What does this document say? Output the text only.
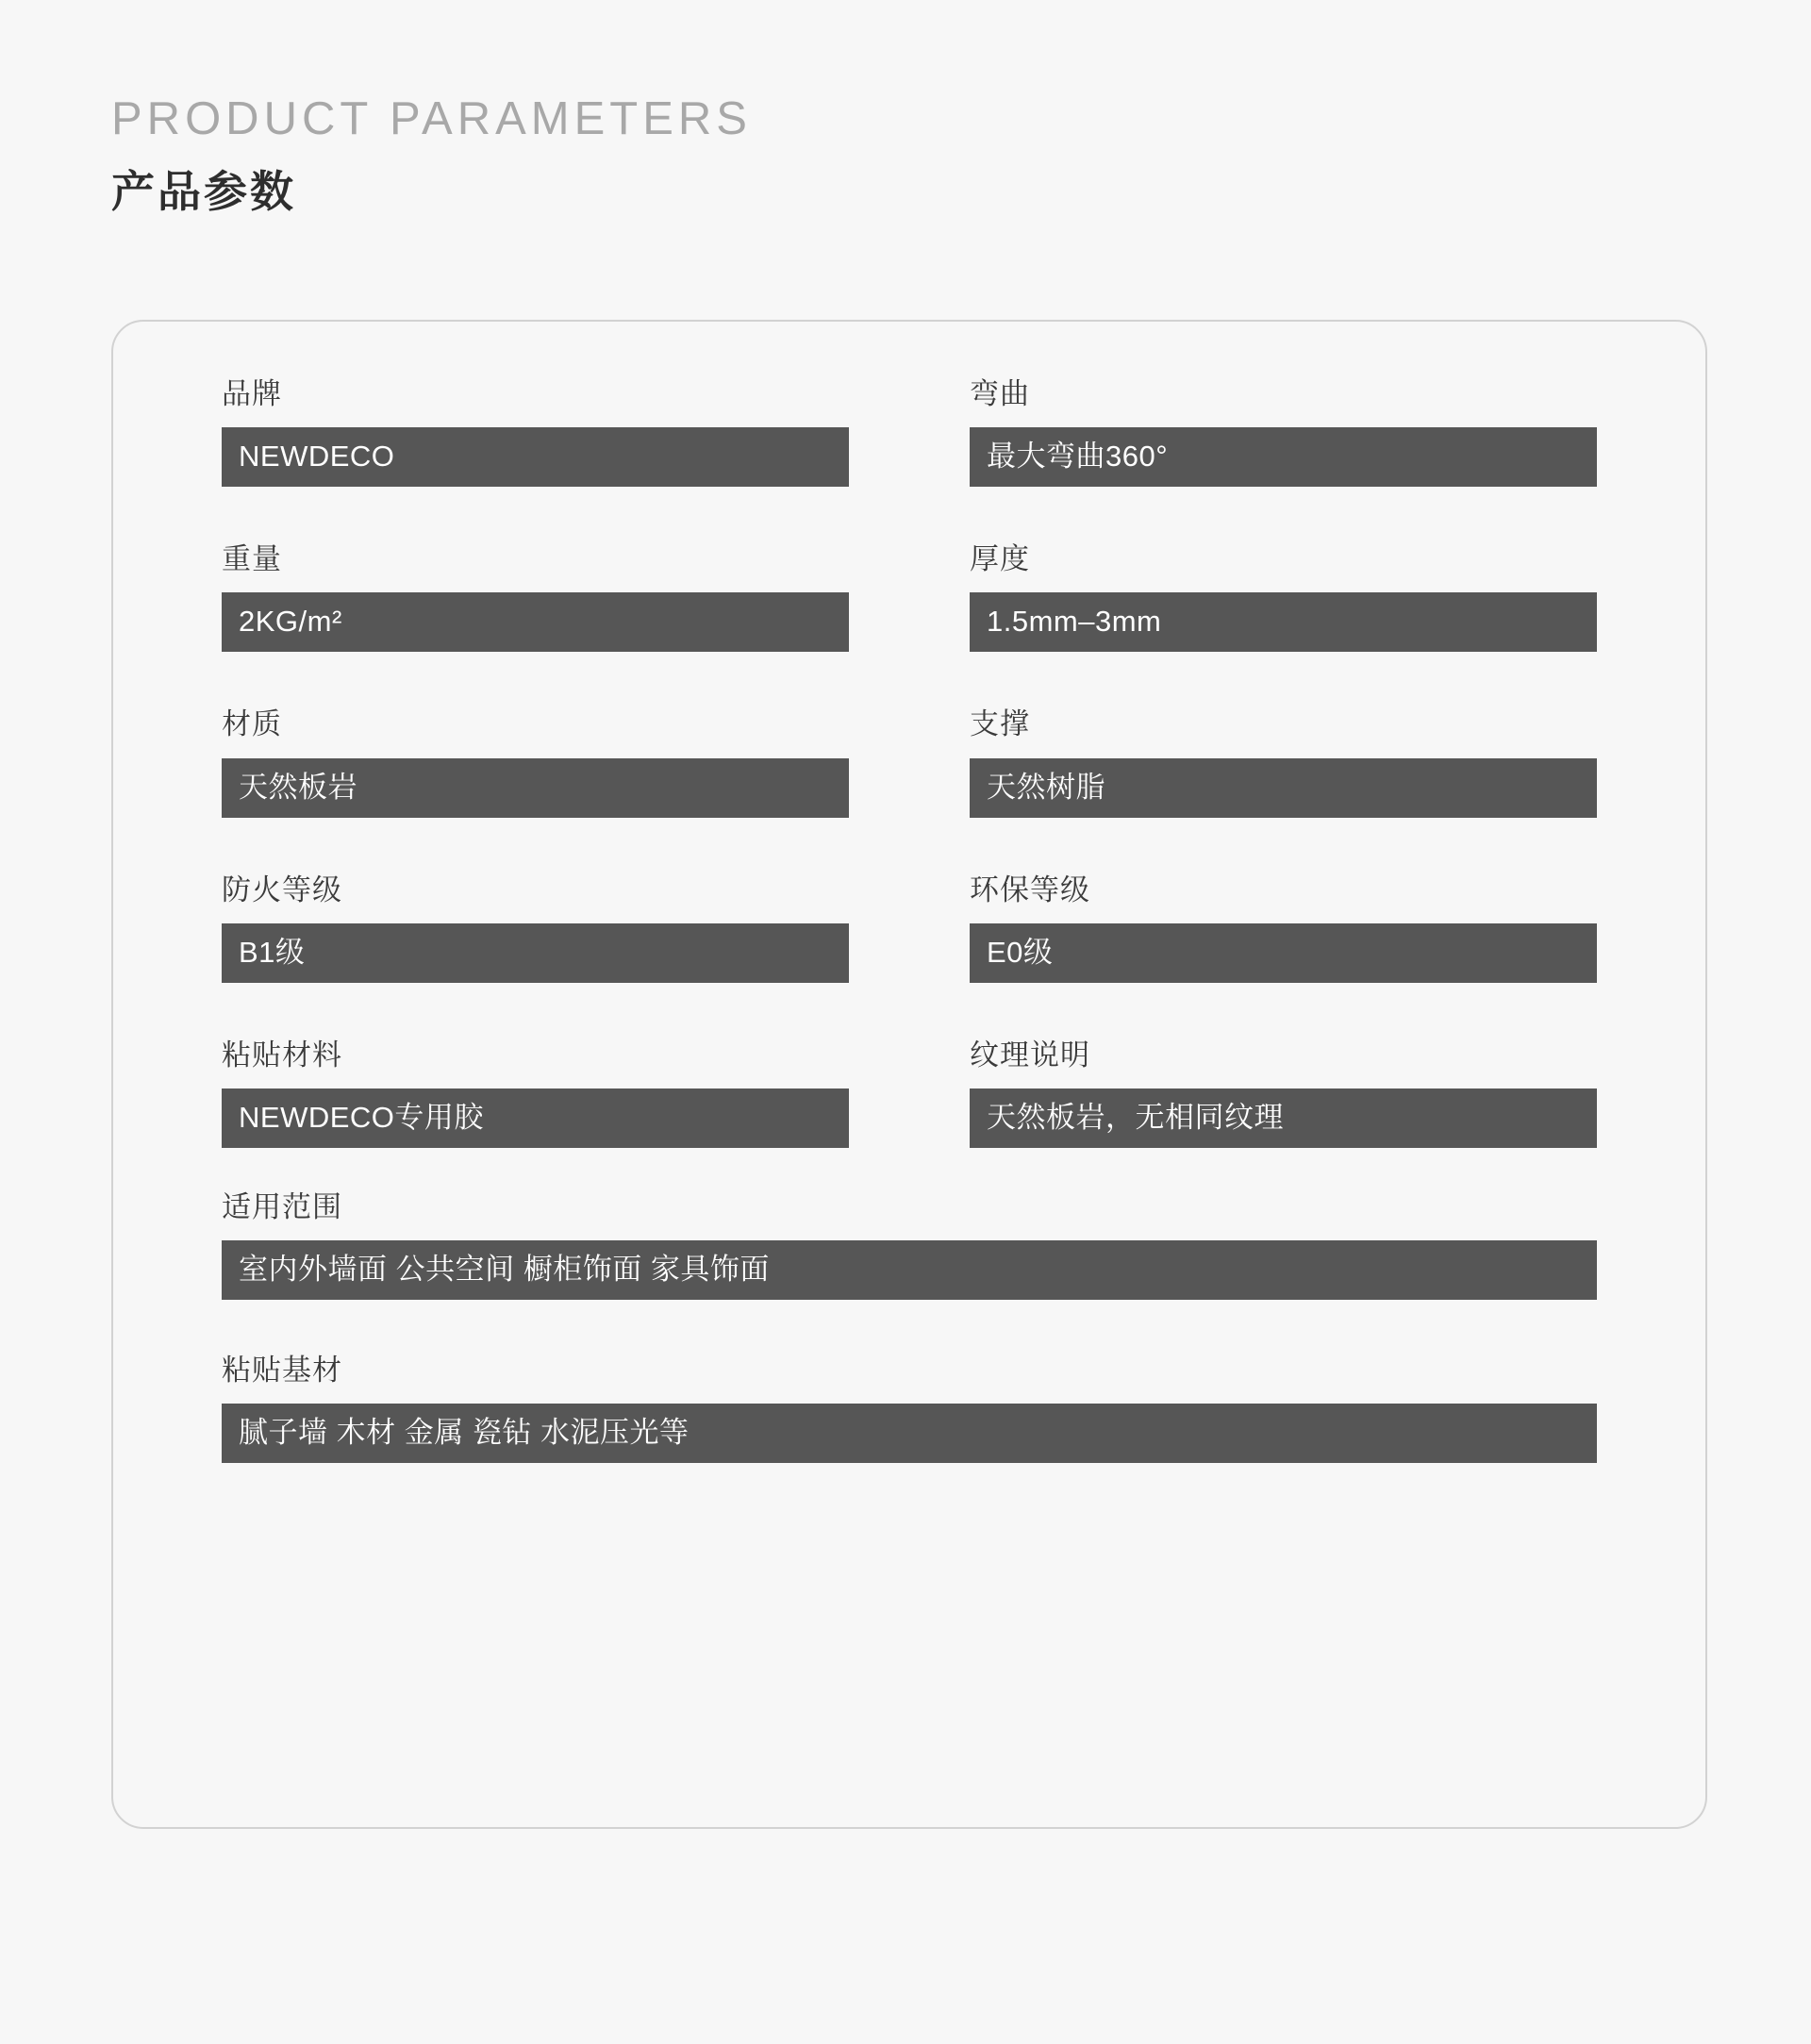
PRODUCT PARAMETERS
产品参数
品牌
NEWDECO
弯曲
最大弯曲360°
重量
2KG/m²
厚度
1.5mm–3mm
材质
天然板岩
支撑
天然树脂
防火等级
B1级
环保等级
E0级
粘贴材料
NEWDECO专用胶
纹理说明
天然板岩，无相同纹理
适用范围
室内外墙面 公共空间 橱柜饰面 家具饰面
粘贴基材
腻子墙 木材 金属 瓷钻 水泥压光等
